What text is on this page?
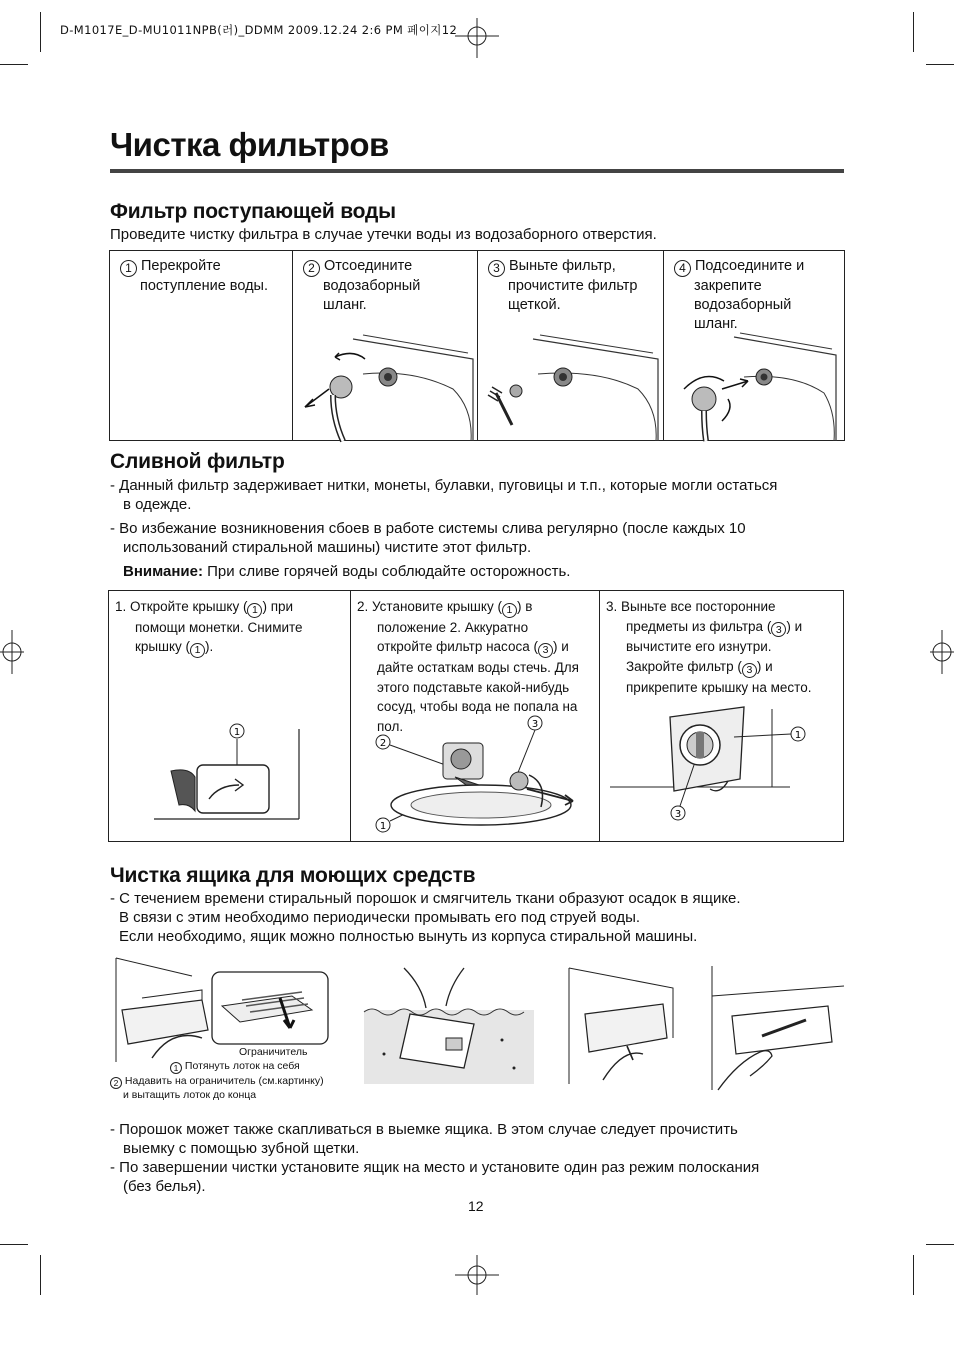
D-M1017E_D-MU1011NPB(러)_DDMM 2009.12.24 2:6 PM 페이지12
Чистка фильтров
Фильтр поступающей воды
Проведите чистку фильтра в случае утечки воды из водозаборного отверстия.
1 Перекройте
поступление воды.
2 Отсоедините
водозаборный
шланг.
3 Выньте фильтр,
прочистите фильтр
щеткой.
4 Подсоедините и
закрепите
водозаборный
шланг.
Сливной фильтр
- Данный фильтр задерживает нитки, монеты, булавки, пуговицы и т.п., которые могли остаться
в одежде.
- Во избежание возникновения сбоев в работе системы слива регулярно (после каждых 10
использований стиральной машины) чистите этот фильтр.
Внимание: При сливе горячей воды соблюдайте осторожность.
1. Откройте крышку ( 1 ) при
помощи монетки. Снимите
крышку ( 1 ).
1
2. Установите крышку ( 1 ) в
положение 2. Аккуратно
откройте фильтр насоса ( 3 ) и
дайте остаткам воды стечь. Для
этого подставьте какой-нибудь
сосуд, чтобы вода не попала на
пол.	3
2
1
3. Выньте все посторонние
предметы из фильтра ( 3 ) и
вычистите его изнутри.
Закройте фильтр ( 3 ) и
прикрепите крышку на место.
1
3
Чистка ящика для моющих средств
- С течением времени стиральный порошок и смягчитель ткани образуют осадок в ящике.
В связи с этим необходимо периодически промывать его под струей воды.
Если необходимо, ящик можно полностью вынуть из корпуса стиральной машины.
Ограничитель
1 Потянуть лоток на себя
2 Надавить на ограничитель (см.картинку)
и вытащить лоток до конца
- Порошок может также скапливаться в выемке ящика. В этом случае следует прочистить
выемку с помощью зубной щетки.
- По завершении чистки установите ящик на место и установите один раз режим полоскания
(без белья).
12
